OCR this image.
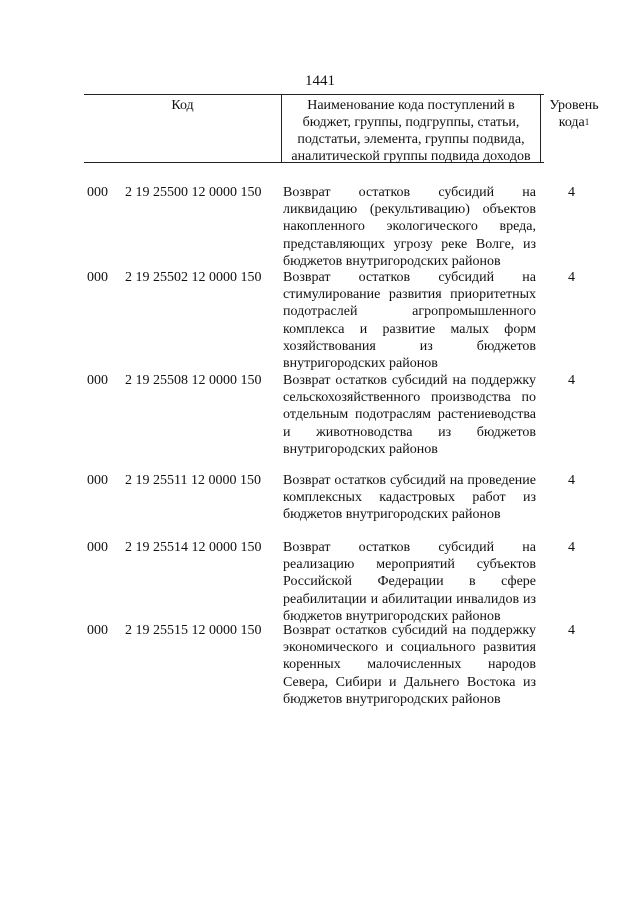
1441
Код	Наименование кода поступлений в бюджет, группы, подгруппы, статьи, подстатьи, элемента, группы подвида, аналитической группы подвида доходов
Уровень кода$^1$
000 2 19 25500 12 0000 150 Возврат остатков субсидий на ликвидацию (рекультивацию) объектов накопленного экологического вреда, представляющих угрозу реке Волге, из бюджетов внутригородских районов
4
000 2 19 25502 12 0000 150 Возврат остатков субсидий на стимулирование развития приоритетных подотраслей агропромышленного комплекса и развитие малых форм хозяйствования из бюджетов внутригородских районов
4
000 2 19 25508 12 0000 150 Возврат остатков субсидий на поддержку сельскохозяйственного производства по отдельным подотраслям растениеводства и животноводства из бюджетов внутригородских районов
4
000 2 19 25511 12 0000 150 Возврат остатков субсидий на проведение комплексных кадастровых работ из бюджетов внутригородских районов
4
000 2 19 25514 12 0000 150 Возврат остатков субсидий на реализацию мероприятий субъектов Российской Федерации в сфере реабилитации и абилитации инвалидов из бюджетов внутригородских районов
4
000 2 19 25515 12 0000 150 Возврат остатков субсидий на поддержку экономического и социального развития коренных малочисленных народов Севера, Сибири и Дальнего Востока из бюджетов внутригородских районов
4
